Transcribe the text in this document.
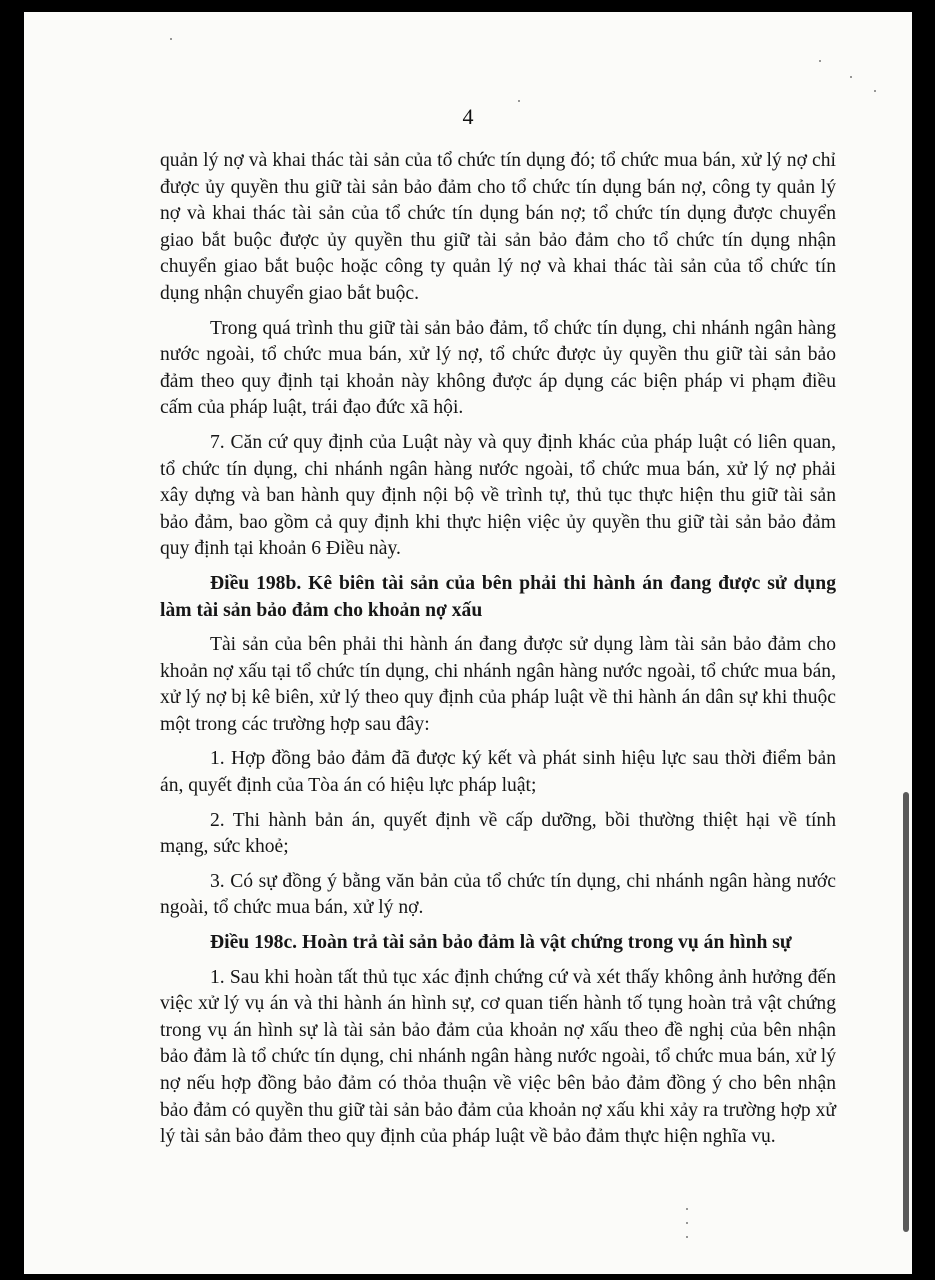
4

quản lý nợ và khai thác tài sản của tổ chức tín dụng đó; tổ chức mua bán, xử lý nợ chỉ được ủy quyền thu giữ tài sản bảo đảm cho tổ chức tín dụng bán nợ, công ty quản lý nợ và khai thác tài sản của tổ chức tín dụng bán nợ; tổ chức tín dụng được chuyển giao bắt buộc được ủy quyền thu giữ tài sản bảo đảm cho tổ chức tín dụng nhận chuyển giao bắt buộc hoặc công ty quản lý nợ và khai thác tài sản của tổ chức tín dụng nhận chuyển giao bắt buộc.

Trong quá trình thu giữ tài sản bảo đảm, tổ chức tín dụng, chi nhánh ngân hàng nước ngoài, tổ chức mua bán, xử lý nợ, tổ chức được ủy quyền thu giữ tài sản bảo đảm theo quy định tại khoản này không được áp dụng các biện pháp vi phạm điều cấm của pháp luật, trái đạo đức xã hội.

7. Căn cứ quy định của Luật này và quy định khác của pháp luật có liên quan, tổ chức tín dụng, chi nhánh ngân hàng nước ngoài, tổ chức mua bán, xử lý nợ phải xây dựng và ban hành quy định nội bộ về trình tự, thủ tục thực hiện thu giữ tài sản bảo đảm, bao gồm cả quy định khi thực hiện việc ủy quyền thu giữ tài sản bảo đảm quy định tại khoản 6 Điều này.

Điều 198b. Kê biên tài sản của bên phải thi hành án đang được sử dụng làm tài sản bảo đảm cho khoản nợ xấu

Tài sản của bên phải thi hành án đang được sử dụng làm tài sản bảo đảm cho khoản nợ xấu tại tổ chức tín dụng, chi nhánh ngân hàng nước ngoài, tổ chức mua bán, xử lý nợ bị kê biên, xử lý theo quy định của pháp luật về thi hành án dân sự khi thuộc một trong các trường hợp sau đây:

1. Hợp đồng bảo đảm đã được ký kết và phát sinh hiệu lực sau thời điểm bản án, quyết định của Tòa án có hiệu lực pháp luật;

2. Thi hành bản án, quyết định về cấp dưỡng, bồi thường thiệt hại về tính mạng, sức khoẻ;

3. Có sự đồng ý bằng văn bản của tổ chức tín dụng, chi nhánh ngân hàng nước ngoài, tổ chức mua bán, xử lý nợ.

Điều 198c. Hoàn trả tài sản bảo đảm là vật chứng trong vụ án hình sự

1. Sau khi hoàn tất thủ tục xác định chứng cứ và xét thấy không ảnh hưởng đến việc xử lý vụ án và thi hành án hình sự, cơ quan tiến hành tố tụng hoàn trả vật chứng trong vụ án hình sự là tài sản bảo đảm của khoản nợ xấu theo đề nghị của bên nhận bảo đảm là tổ chức tín dụng, chi nhánh ngân hàng nước ngoài, tổ chức mua bán, xử lý nợ nếu hợp đồng bảo đảm có thỏa thuận về việc bên bảo đảm đồng ý cho bên nhận bảo đảm có quyền thu giữ tài sản bảo đảm của khoản nợ xấu khi xảy ra trường hợp xử lý tài sản bảo đảm theo quy định của pháp luật về bảo đảm thực hiện nghĩa vụ.
